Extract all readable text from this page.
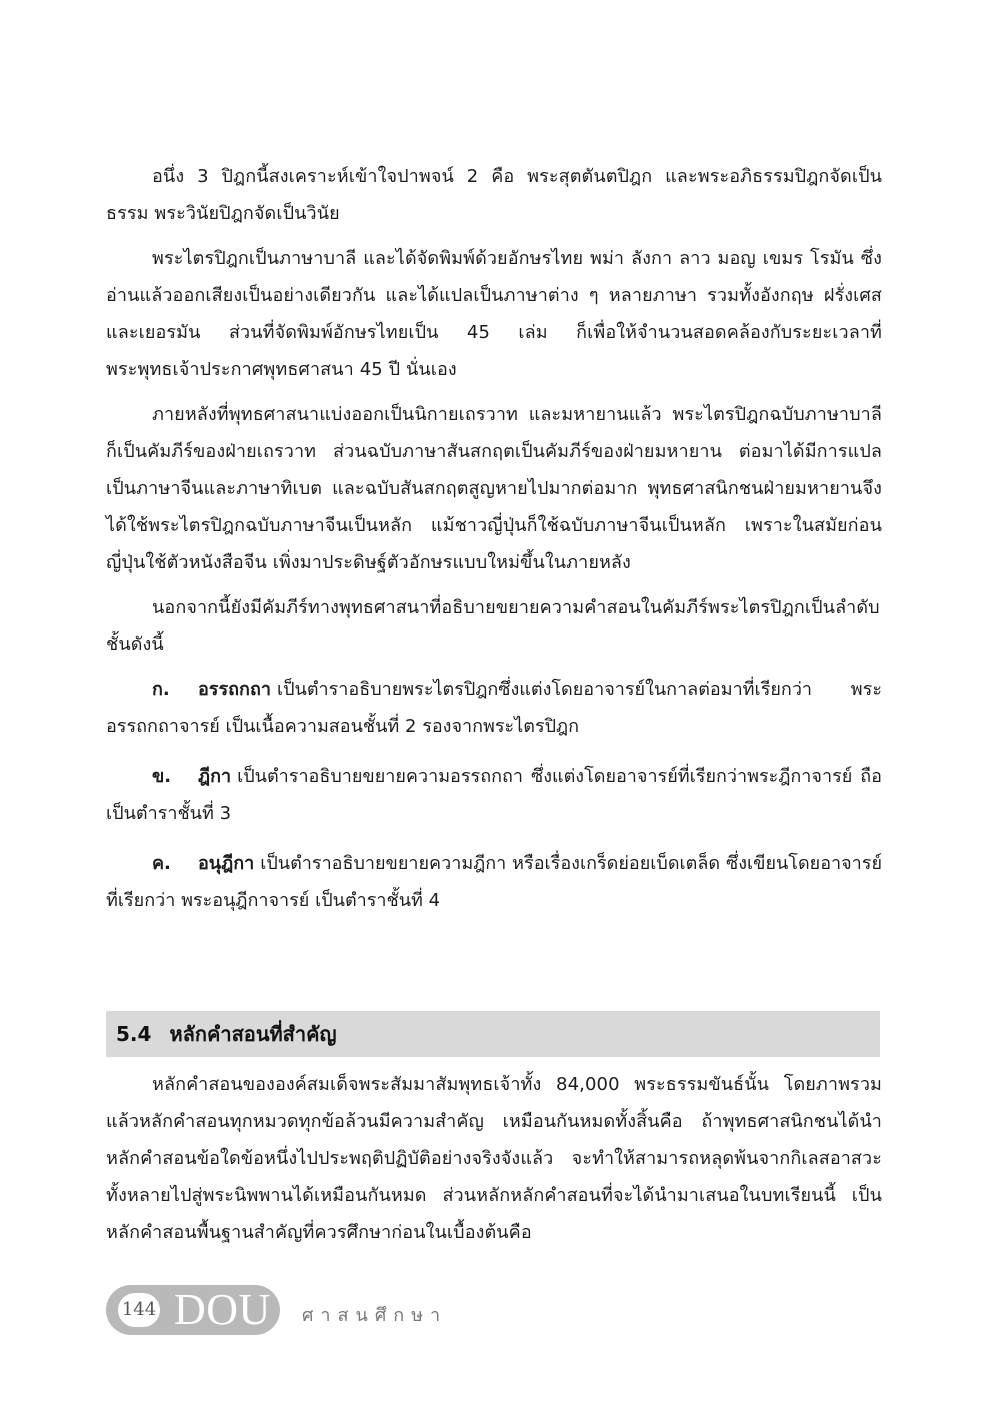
อนึ่ง 3 ปิฎกนี้สงเคราะห์เข้าใจปาพจน์ 2 คือ พระสุตตันตปิฎก และพระอภิธรรมปิฎกจัดเป็นธรรม พระวินัยปิฎกจัดเป็นวินัย

พระไตรปิฎกเป็นภาษาบาลี และได้จัดพิมพ์ด้วยอักษรไทย พม่า ลังกา ลาว มอญ เขมร โรมัน ซึ่งอ่านแล้วออกเสียงเป็นอย่างเดียวกัน และได้แปลเป็นภาษาต่าง ๆ หลายภาษา รวมทั้งอังกฤษ ฝรั่งเศส และเยอรมัน ส่วนที่จัดพิมพ์อักษรไทยเป็น 45 เล่ม ก็เพื่อให้จำนวนสอดคล้องกับระยะเวลาที่พระพุทธเจ้าประกาศพุทธศาสนา 45 ปี นั่นเอง

ภายหลังที่พุทธศาสนาแบ่งออกเป็นนิกายเถรวาท และมหายานแล้ว พระไตรปิฎกฉบับภาษาบาลีก็เป็นคัมภีร์ของฝ่ายเถรวาท ส่วนฉบับภาษาสันสกฤตเป็นคัมภีร์ของฝ่ายมหายาน ต่อมาได้มีการแปลเป็นภาษาจีนและภาษาทิเบต และฉบับสันสกฤตสูญหายไปมากต่อมาก พุทธศาสนิกชนฝ่ายมหายานจึงได้ใช้พระไตรปิฎกฉบับภาษาจีนเป็นหลัก แม้ชาวญี่ปุ่นก็ใช้ฉบับภาษาจีนเป็นหลัก เพราะในสมัยก่อนญี่ปุ่นใช้ตัวหนังสือจีน เพิ่งมาประดิษฐ์ตัวอักษรแบบใหม่ขึ้นในภายหลัง

นอกจากนี้ยังมีคัมภีร์ทางพุทธศาสนาที่อธิบายขยายความคำสอนในคัมภีร์พระไตรปิฎกเป็นลำดับชั้นดังนี้

ก. อรรถกถา เป็นตำราอธิบายพระไตรปิฎกซึ่งแต่งโดยอาจารย์ในกาลต่อมาที่เรียกว่า พระอรรถกถาจารย์ เป็นเนื้อความสอนชั้นที่ 2 รองจากพระไตรปิฎก

ข. ฎีกา เป็นตำราอธิบายขยายความอรรถกถา ซึ่งแต่งโดยอาจารย์ที่เรียกว่าพระฎีกาจารย์ ถือเป็นตำราชั้นที่ 3

ค. อนุฎีกา เป็นตำราอธิบายขยายความฎีกา หรือเรื่องเกร็ดย่อยเบ็ดเตล็ด ซึ่งเขียนโดยอาจารย์ที่เรียกว่า พระอนุฎีกาจารย์ เป็นตำราชั้นที่ 4

5.4 หลักคำสอนที่สำคัญ

หลักคำสอนขององค์สมเด็จพระสัมมาสัมพุทธเจ้าทั้ง 84,000 พระธรรมขันธ์นั้น โดยภาพรวมแล้วหลักคำสอนทุกหมวดทุกข้อล้วนมีความสำคัญ เหมือนกันหมดทั้งสิ้นคือ ถ้าพุทธศาสนิกชนได้นำหลักคำสอนข้อใดข้อหนึ่งไปประพฤติปฏิบัติอย่างจริงจังแล้ว จะทำให้สามารถหลุดพ้นจากกิเลสอาสวะทั้งหลายไปสู่พระนิพพานได้เหมือนกันหมด ส่วนหลักหลักคำสอนที่จะได้นำมาเสนอในบทเรียนนี้ เป็นหลักคำสอนพื้นฐานสำคัญที่ควรศึกษาก่อนในเบื้องต้นคือ

144 DOU ศาสนศึกษา
